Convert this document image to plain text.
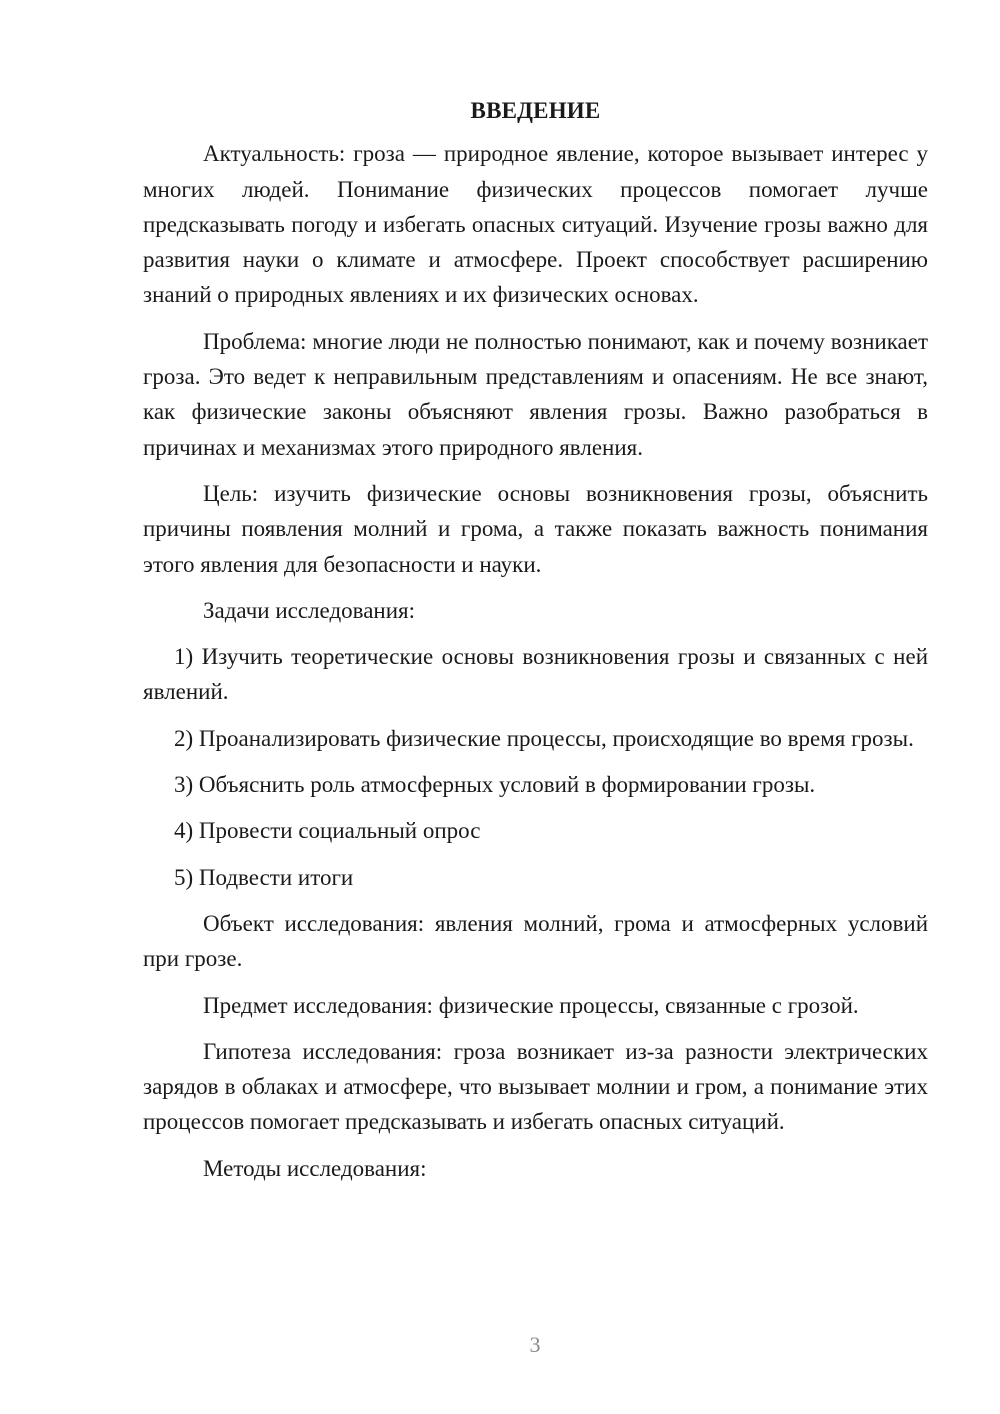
ВВЕДЕНИЕ

Актуальность: гроза — природное явление, которое вызывает интерес у многих людей. Понимание физических процессов помогает лучше предсказывать погоду и избегать опасных ситуаций. Изучение грозы важно для развития науки о климате и атмосфере. Проект способствует расширению знаний о природных явлениях и их физических основах.

Проблема: многие люди не полностью понимают, как и почему возникает гроза. Это ведет к неправильным представлениям и опасениям. Не все знают, как физические законы объясняют явления грозы. Важно разобраться в причинах и механизмах этого природного явления.

Цель: изучить физические основы возникновения грозы, объяснить причины появления молний и грома, а также показать важность понимания этого явления для безопасности и науки.

Задачи исследования:

1) Изучить теоретические основы возникновения грозы и связанных с ней явлений.

2) Проанализировать физические процессы, происходящие во время грозы.

3) Объяснить роль атмосферных условий в формировании грозы.

4) Провести социальный опрос

5) Подвести итоги

Объект исследования: явления молний, грома и атмосферных условий при грозе.

Предмет исследования: физические процессы, связанные с грозой.

Гипотеза исследования: гроза возникает из-за разности электрических зарядов в облаках и атмосфере, что вызывает молнии и гром, а понимание этих процессов помогает предсказывать и избегать опасных ситуаций.

Методы исследования:

3
